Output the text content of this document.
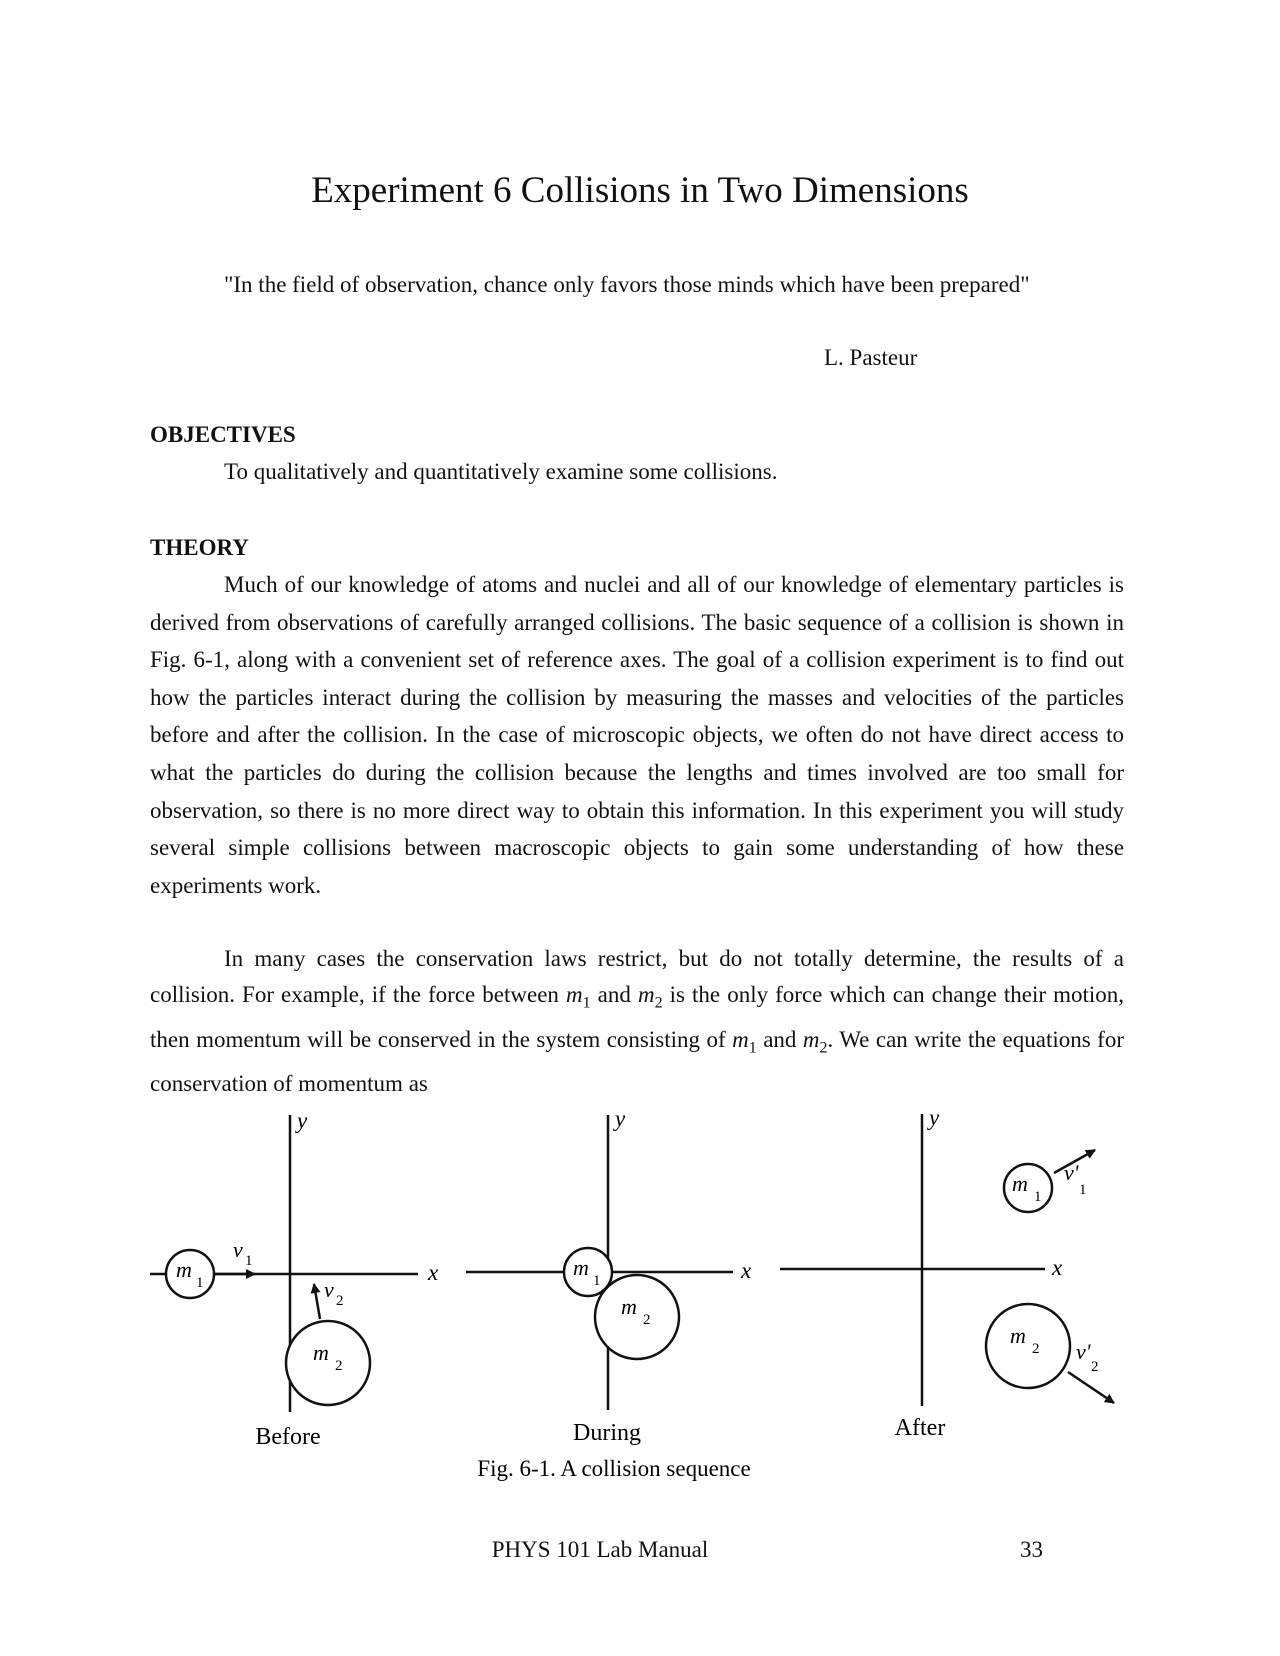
Experiment 6 Collisions in Two Dimensions

"In the field of observation, chance only favors those minds which have been prepared"

L. Pasteur
OBJECTIVES

To qualitatively and quantitatively examine some collisions.

THEORY

Much of our knowledge of atoms and nuclei and all of our knowledge of elementary particles is derived from observations of carefully arranged collisions. The basic sequence of a collision is shown in Fig. 6-1, along with a convenient set of reference axes. The goal of a collision experiment is to find out how the particles interact during the collision by measuring the masses and velocities of the particles before and after the collision. In the case of microscopic objects, we often do not have direct access to what the particles do during the collision because the lengths and times involved are too small for observation, so there is no more direct way to obtain this information. In this experiment you will study several simple collisions between macroscopic objects to gain some understanding of how these experiments work.

In many cases the conservation laws restrict, but do not totally determine, the results of a collision. For example, if the force between $m_1$ and $m_2$ is the only force which can change their motion, then momentum will be conserved in the system consisting of $m_1$ and $m_2$. We can write the equations for conservation of momentum as

y
x
m
1
v 1
m
2
v 2
y
x
m
2
m
1
y
x
m
1
v'
1
m
2 v'
2
Before	During	After
Fig. 6-1. A collision sequence
PHYS 101 Lab Manual	33
